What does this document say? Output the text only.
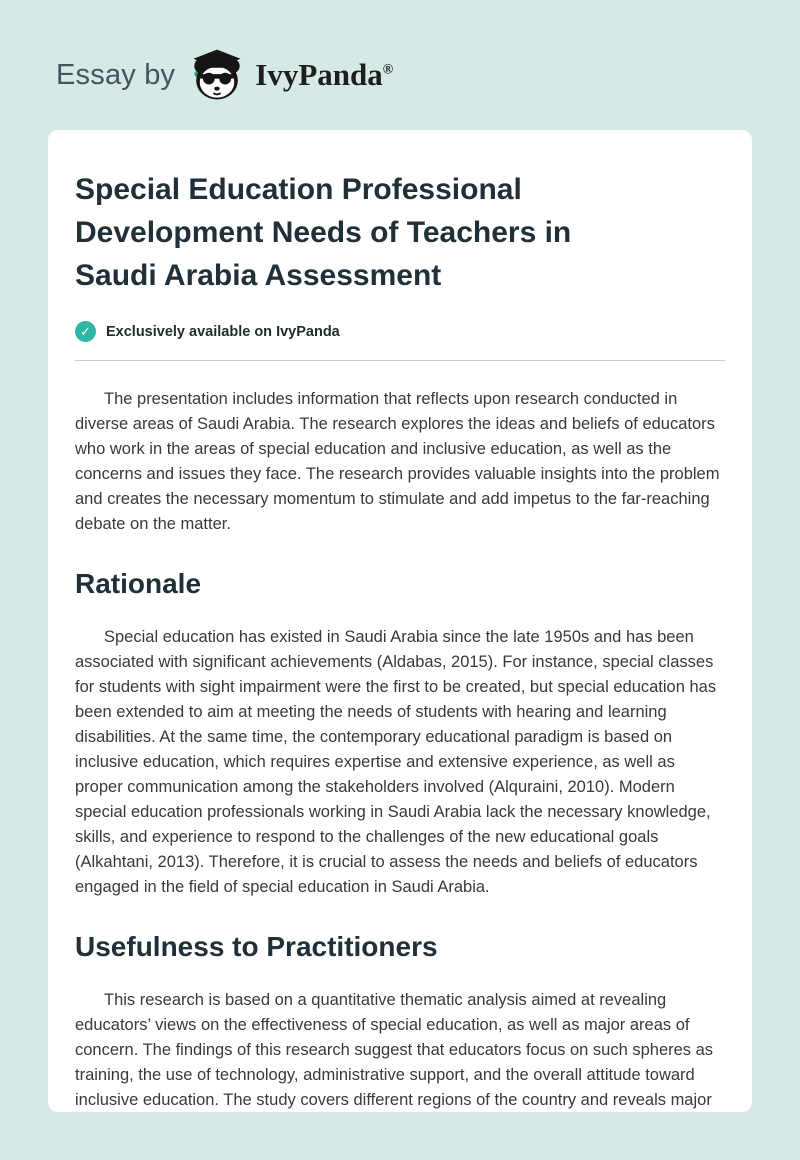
Essay by	IvyPanda®
Special Education Professional Development Needs of Teachers in Saudi Arabia Assessment
✓	Exclusively available on IvyPanda

The presentation includes information that reflects upon research conducted in diverse areas of Saudi Arabia. The research explores the ideas and beliefs of educators who work in the areas of special education and inclusive education, as well as the concerns and issues they face. The research provides valuable insights into the problem and creates the necessary momentum to stimulate and add impetus to the far-reaching debate on the matter.

Rationale

Special education has existed in Saudi Arabia since the late 1950s and has been associated with significant achievements (Aldabas, 2015). For instance, special classes for students with sight impairment were the first to be created, but special education has been extended to aim at meeting the needs of students with hearing and learning disabilities. At the same time, the contemporary educational paradigm is based on inclusive education, which requires expertise and extensive experience, as well as proper communication among the stakeholders involved (Alquraini, 2010). Modern special education professionals working in Saudi Arabia lack the necessary knowledge, skills, and experience to respond to the challenges of the new educational goals (Alkahtani, 2013). Therefore, it is crucial to assess the needs and beliefs of educators engaged in the field of special education in Saudi Arabia.

Usefulness to Practitioners

This research is based on a quantitative thematic analysis aimed at revealing educators’ views on the effectiveness of special education, as well as major areas of concern. The findings of this research suggest that educators focus on such spheres as training, the use of technology, administrative support, and the overall attitude toward inclusive education. The study covers different regions of the country and reveals major
